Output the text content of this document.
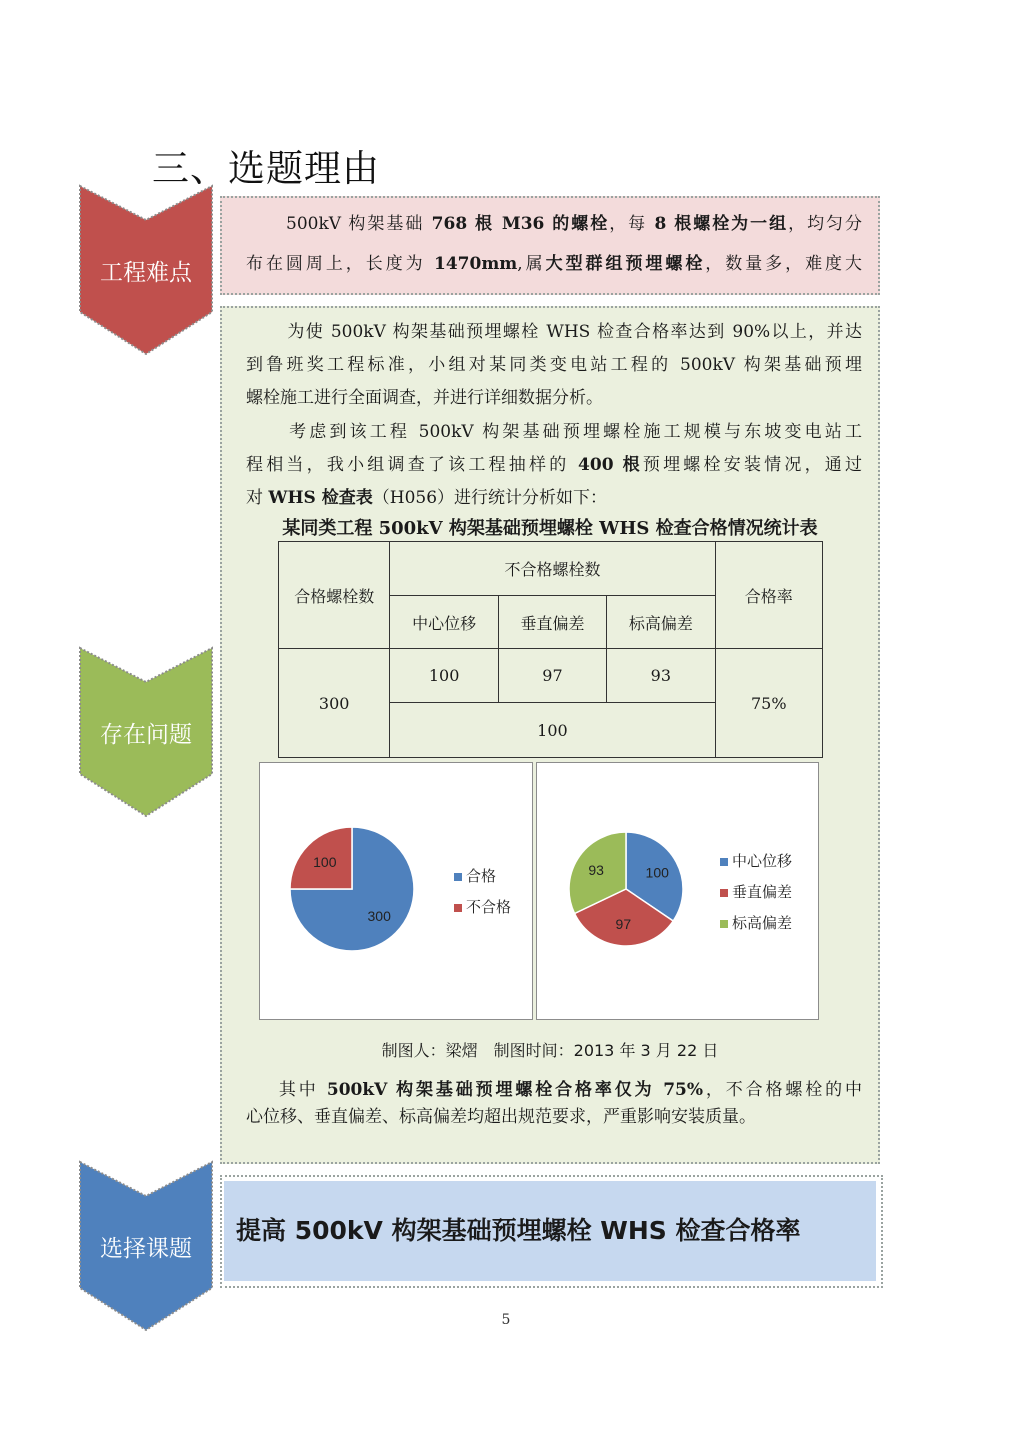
三、选题理由
工程难点
存在问题
选择课题
500kV 构架基础 768 根 M36 的螺栓，每 8 根螺栓为一组，均匀分
布在圆周上，长度为 1470mm,属大型群组预埋螺栓，数量多，难度大
为使 500kV 构架基础预埋螺栓 WHS 检查合格率达到 90%以上，并达
到鲁班奖工程标准，小组对某同类变电站工程的 500kV 构架基础预埋
螺栓施工进行全面调查，并进行详细数据分析。
考虑到该工程 500kV 构架基础预埋螺栓施工规模与东坡变电站工
程相当，我小组调查了该工程抽样的 400 根预埋螺栓安装情况，通过
对 WHS 检查表（H056）进行统计分析如下：
某同类工程 500kV 构架基础预埋螺栓 WHS 检查合格情况统计表
合格螺栓数	不合格螺栓数			合格率
	中心位移	垂直偏差	标高偏差	
300	100	97	93	75%
	100			
300
合格
100
不合格
100
中心位移
97
垂直偏差
93
标高偏差
制图人：梁熠　制图时间：2013 年 3 月 22 日
其中 500kV 构架基础预埋螺栓合格率仅为 75%，不合格螺栓的中
心位移、垂直偏差、标高偏差均超出规范要求，严重影响安装质量。
提高 500kV 构架基础预埋螺栓 WHS 检查合格率
5
